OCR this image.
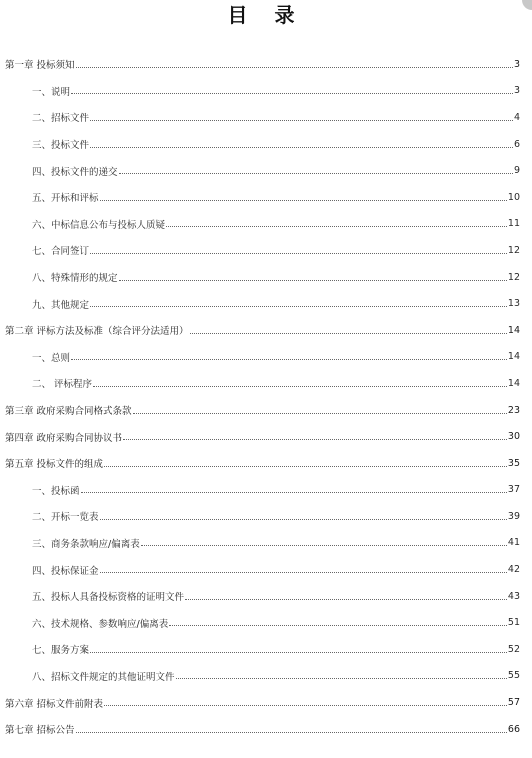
目 录
第一章 投标须知	3
一、说明	3
二、招标文件	4
三、投标文件	6
四、投标文件的递交	9
五、开标和评标	10
六、中标信息公布与投标人质疑	11
七、合同签订	12
八、特殊情形的规定	12
九、其他规定	13
第二章 评标方法及标准（综合评分法适用）	14
一、总则	14
二、 评标程序	14
第三章 政府采购合同格式条款	23
第四章 政府采购合同协议书	30
第五章 投标文件的组成	35
一、投标函	37
二、开标一览表	39
三、商务条款响应/偏离表	41
四、投标保证金	42
五、投标人具备投标资格的证明文件	43
六、技术规格、参数响应/偏离表	51
七、服务方案	52
八、招标文件规定的其他证明文件	55
第六章 招标文件前附表	57
第七章 招标公告	66
